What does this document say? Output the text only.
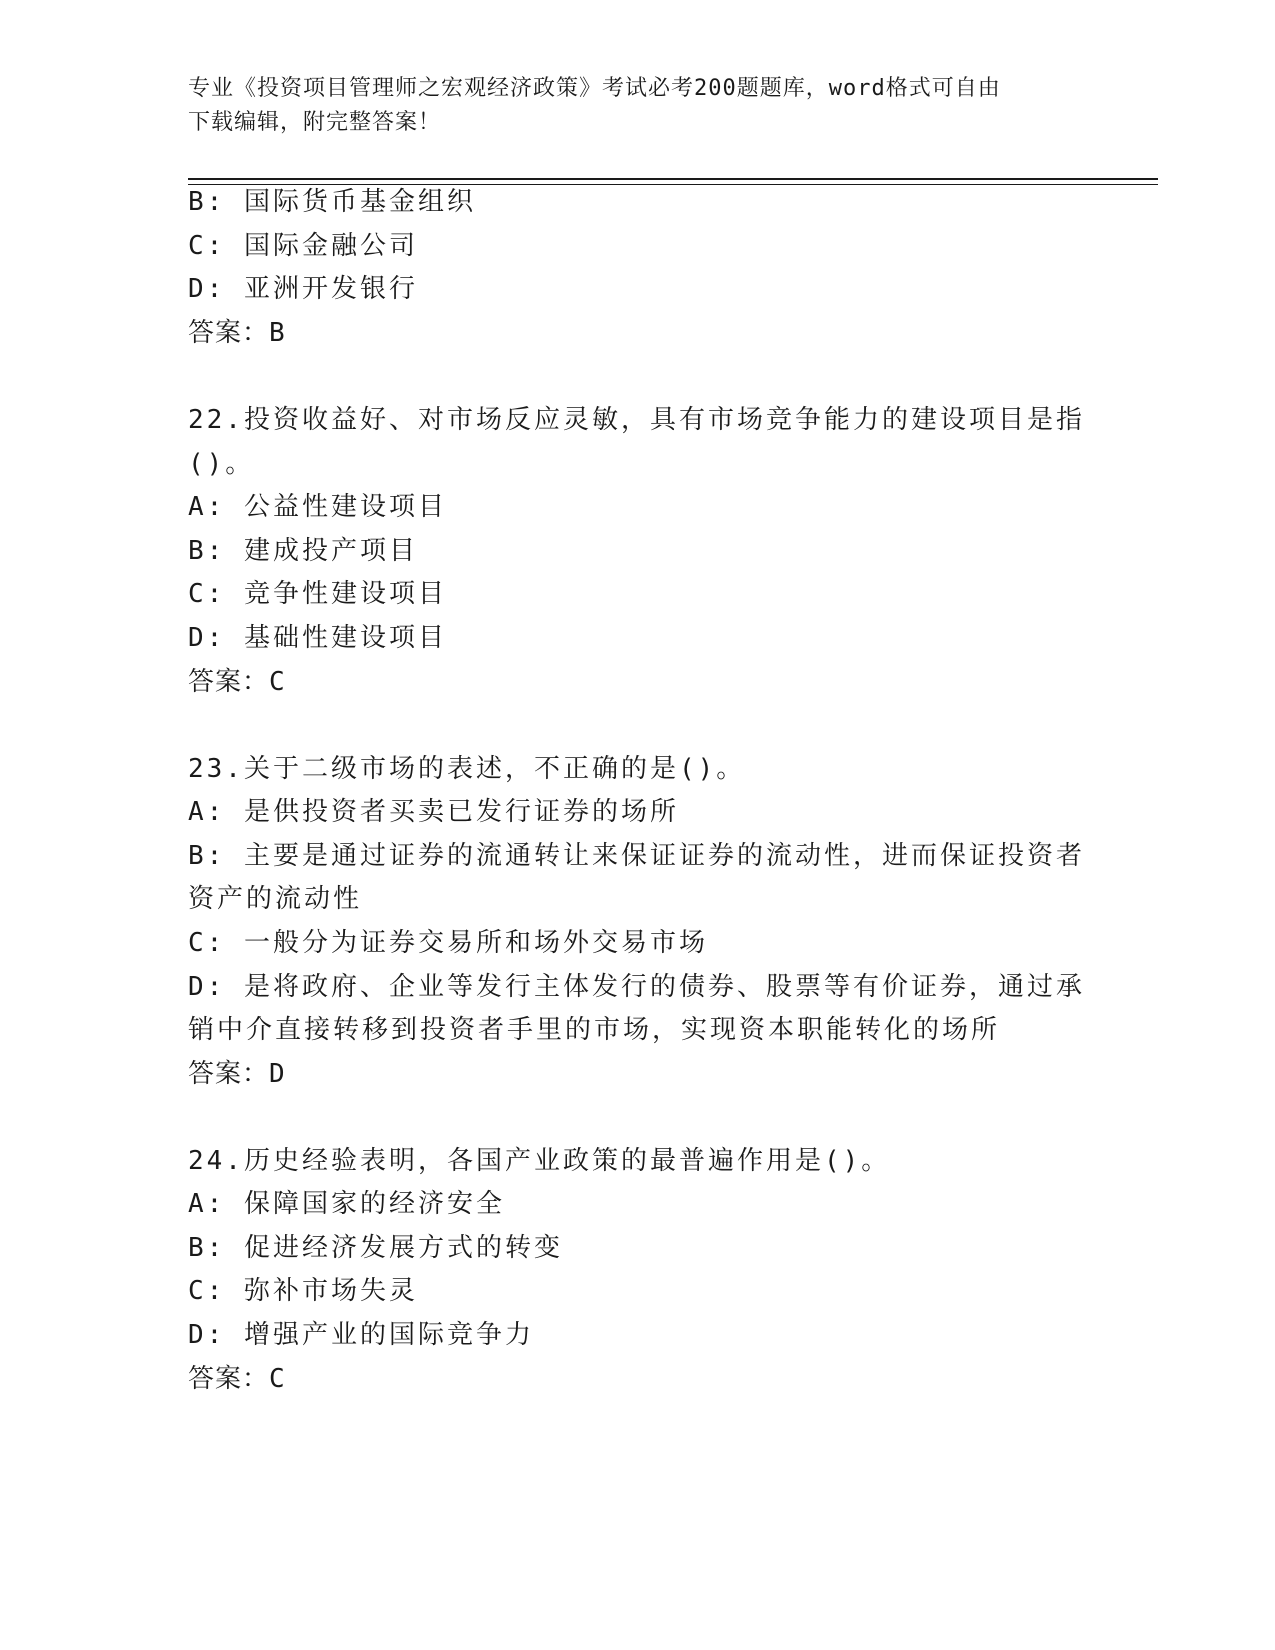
专业《投资项目管理师之宏观经济政策》考试必考200题题库，word格式可自由
下载编辑，附完整答案！
B: 国际货币基金组织
C: 国际金融公司
D: 亚洲开发银行
答案：B
22.投资收益好、对市场反应灵敏，具有市场竞争能力的建设项目是指
()。
A: 公益性建设项目
B: 建成投产项目
C: 竞争性建设项目
D: 基础性建设项目
答案：C
23.关于二级市场的表述，不正确的是()。
A: 是供投资者买卖已发行证券的场所
B: 主要是通过证券的流通转让来保证证券的流动性，进而保证投资者
资产的流动性
C: 一般分为证券交易所和场外交易市场
D: 是将政府、企业等发行主体发行的债券、股票等有价证券，通过承
销中介直接转移到投资者手里的市场，实现资本职能转化的场所
答案：D
24.历史经验表明，各国产业政策的最普遍作用是()。
A: 保障国家的经济安全
B: 促进经济发展方式的转变
C: 弥补市场失灵
D: 增强产业的国际竞争力
答案：C
